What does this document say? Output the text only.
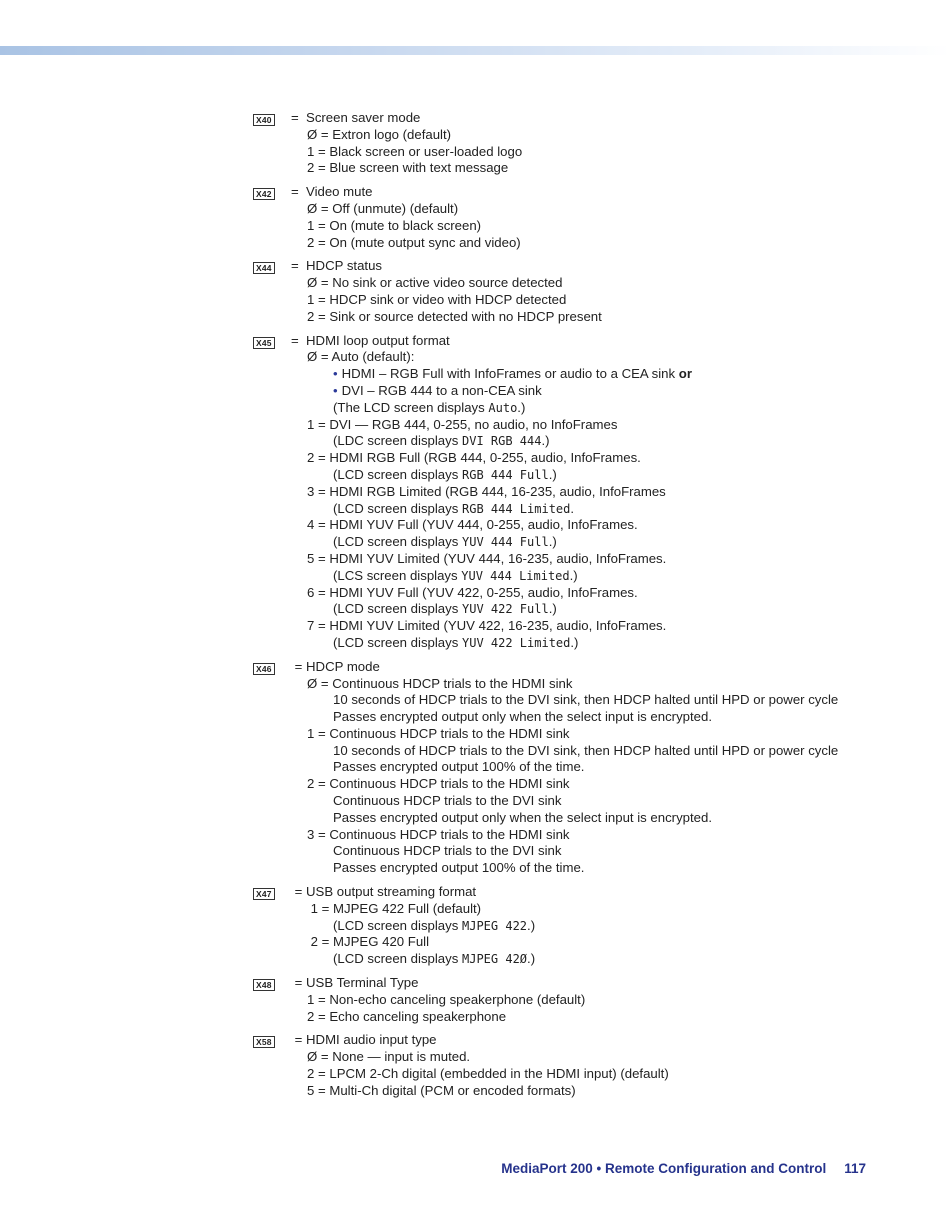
X40	=  Screen saver mode
Ø = Extron logo (default)
1 = Black screen or user-loaded logo
2 = Blue screen with text message
X42	=  Video mute
Ø = Off (unmute) (default)
1 = On (mute to black screen)
2 = On (mute output sync and video)
X44	=  HDCP status
Ø = No sink or active video source detected
1 = HDCP sink or video with HDCP detected
2 = Sink or source detected with no HDCP present
X45	=  HDMI loop output format
Ø = Auto (default):
• HDMI – RGB Full with InfoFrames or audio to a CEA sink or
• DVI – RGB 444 to a non-CEA sink
(The LCD screen displays Auto.)
1 = DVI — RGB 444, 0-255, no audio, no InfoFrames
(LDC screen displays DVI RGB 444.)
2 = HDMI RGB Full (RGB 444, 0-255, audio, InfoFrames.
(LCD screen displays RGB 444 Full.)
3 = HDMI RGB Limited (RGB 444, 16-235, audio, InfoFrames
(LCD screen displays RGB 444 Limited.
4 = HDMI YUV Full (YUV 444, 0-255, audio, InfoFrames.
(LCD screen displays YUV 444 Full.)
5 = HDMI YUV Limited (YUV 444, 16-235, audio, InfoFrames.
(LCS screen displays YUV 444 Limited.)
6 = HDMI YUV Full (YUV 422, 0-255, audio, InfoFrames.
(LCD screen displays YUV 422 Full.)
7 = HDMI YUV Limited (YUV 422, 16-235, audio, InfoFrames.
(LCD screen displays YUV 422 Limited.)
X46	= HDCP mode
Ø = Continuous HDCP trials to the HDMI sink
10 seconds of HDCP trials to the DVI sink, then HDCP halted until HPD or power cycle
Passes encrypted output only when the select input is encrypted.
1 = Continuous HDCP trials to the HDMI sink
10 seconds of HDCP trials to the DVI sink, then HDCP halted until HPD or power cycle
Passes encrypted output 100% of the time.
2 = Continuous HDCP trials to the HDMI sink
Continuous HDCP trials to the DVI sink
Passes encrypted output only when the select input is encrypted.
3 = Continuous HDCP trials to the HDMI sink
Continuous HDCP trials to the DVI sink
Passes encrypted output 100% of the time.
X47	= USB output streaming format
1 = MJPEG 422 Full (default)
(LCD screen displays MJPEG 422.)
2 = MJPEG 420 Full
(LCD screen displays MJPEG 42Ø.)
X48	= USB Terminal Type
1 = Non-echo canceling speakerphone (default)
2 = Echo canceling speakerphone
X58	= HDMI audio input type
Ø = None — input is muted.
2 = LPCM 2-Ch digital (embedded in the HDMI input) (default)
5 = Multi-Ch digital (PCM or encoded formats)
MediaPort 200 • Remote Configuration and Control 117
